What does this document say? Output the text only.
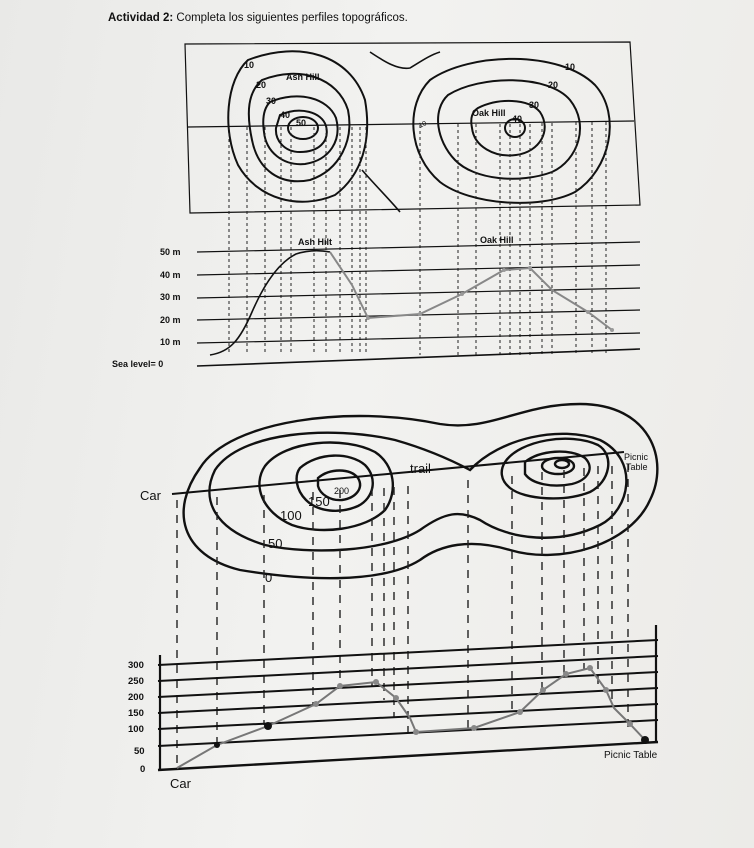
Actividad 2: Completa los siguientes perfiles topográficos.
10
20
30
40
50
Ash Hill
10
20
30
40
Oak Hill
10
50 m
40 m
30 m
20 m
10 m
Sea level= 0
Ash Hilt	Oak Hill
Car
trail
Picnic
Table
0
50
100
150
200
300
250
200
150
100
50
0
Car
Picnic Table
